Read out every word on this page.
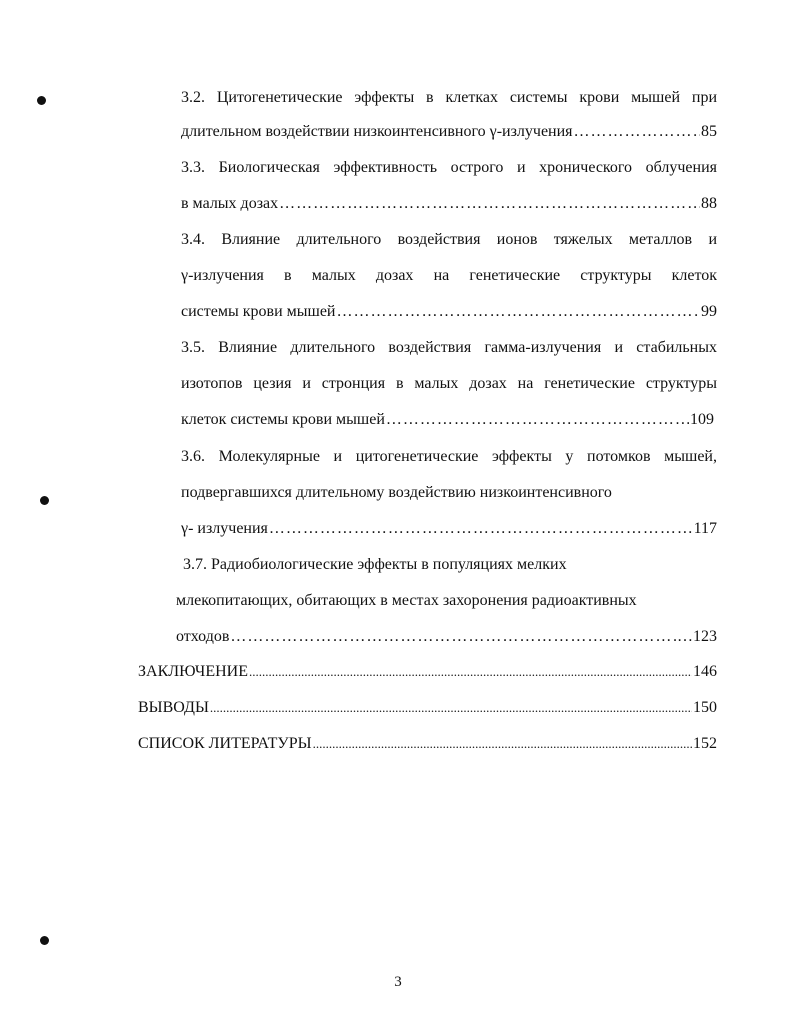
3.2. Цитогенетические эффекты в клетках системы крови мышей при
длительном воздействии низкоинтенсивного γ-излучения ……………………………………………………………………………………………………………………………………	85
3.3. Биологическая эффективность острого и хронического облучения
в малых дозах ……………………………………………………………………………………………………………………………………	88
3.4. Влияние длительного воздействия ионов тяжелых металлов и
γ-излучения в малых дозах на генетические структуры клеток
системы крови мышей ……………………………………………………………………………………………………………………………………	99
3.5. Влияние длительного воздействия гамма-излучения и стабильных
изотопов цезия и стронция в малых дозах на генетические структуры
клеток системы крови мышей ……………………………………………………………………………………………………………………………………	109
3.6. Молекулярные и цитогенетические эффекты у потомков мышей,
подвергавшихся длительному воздействию низкоинтенсивного
γ- излучения ……………………………………………………………………………………………………………………………………	117
3.7. Радиобиологические эффекты в популяциях мелких
млекопитающих, обитающих в местах захоронения радиоактивных
отходов ……………………………………………………………………………………………………………………………………	…123
ЗАКЛЮЧЕНИЕ .....	146
ВЫВОДЫ .....	150
СПИСОК ЛИТЕРАТУРЫ .....	152
3
